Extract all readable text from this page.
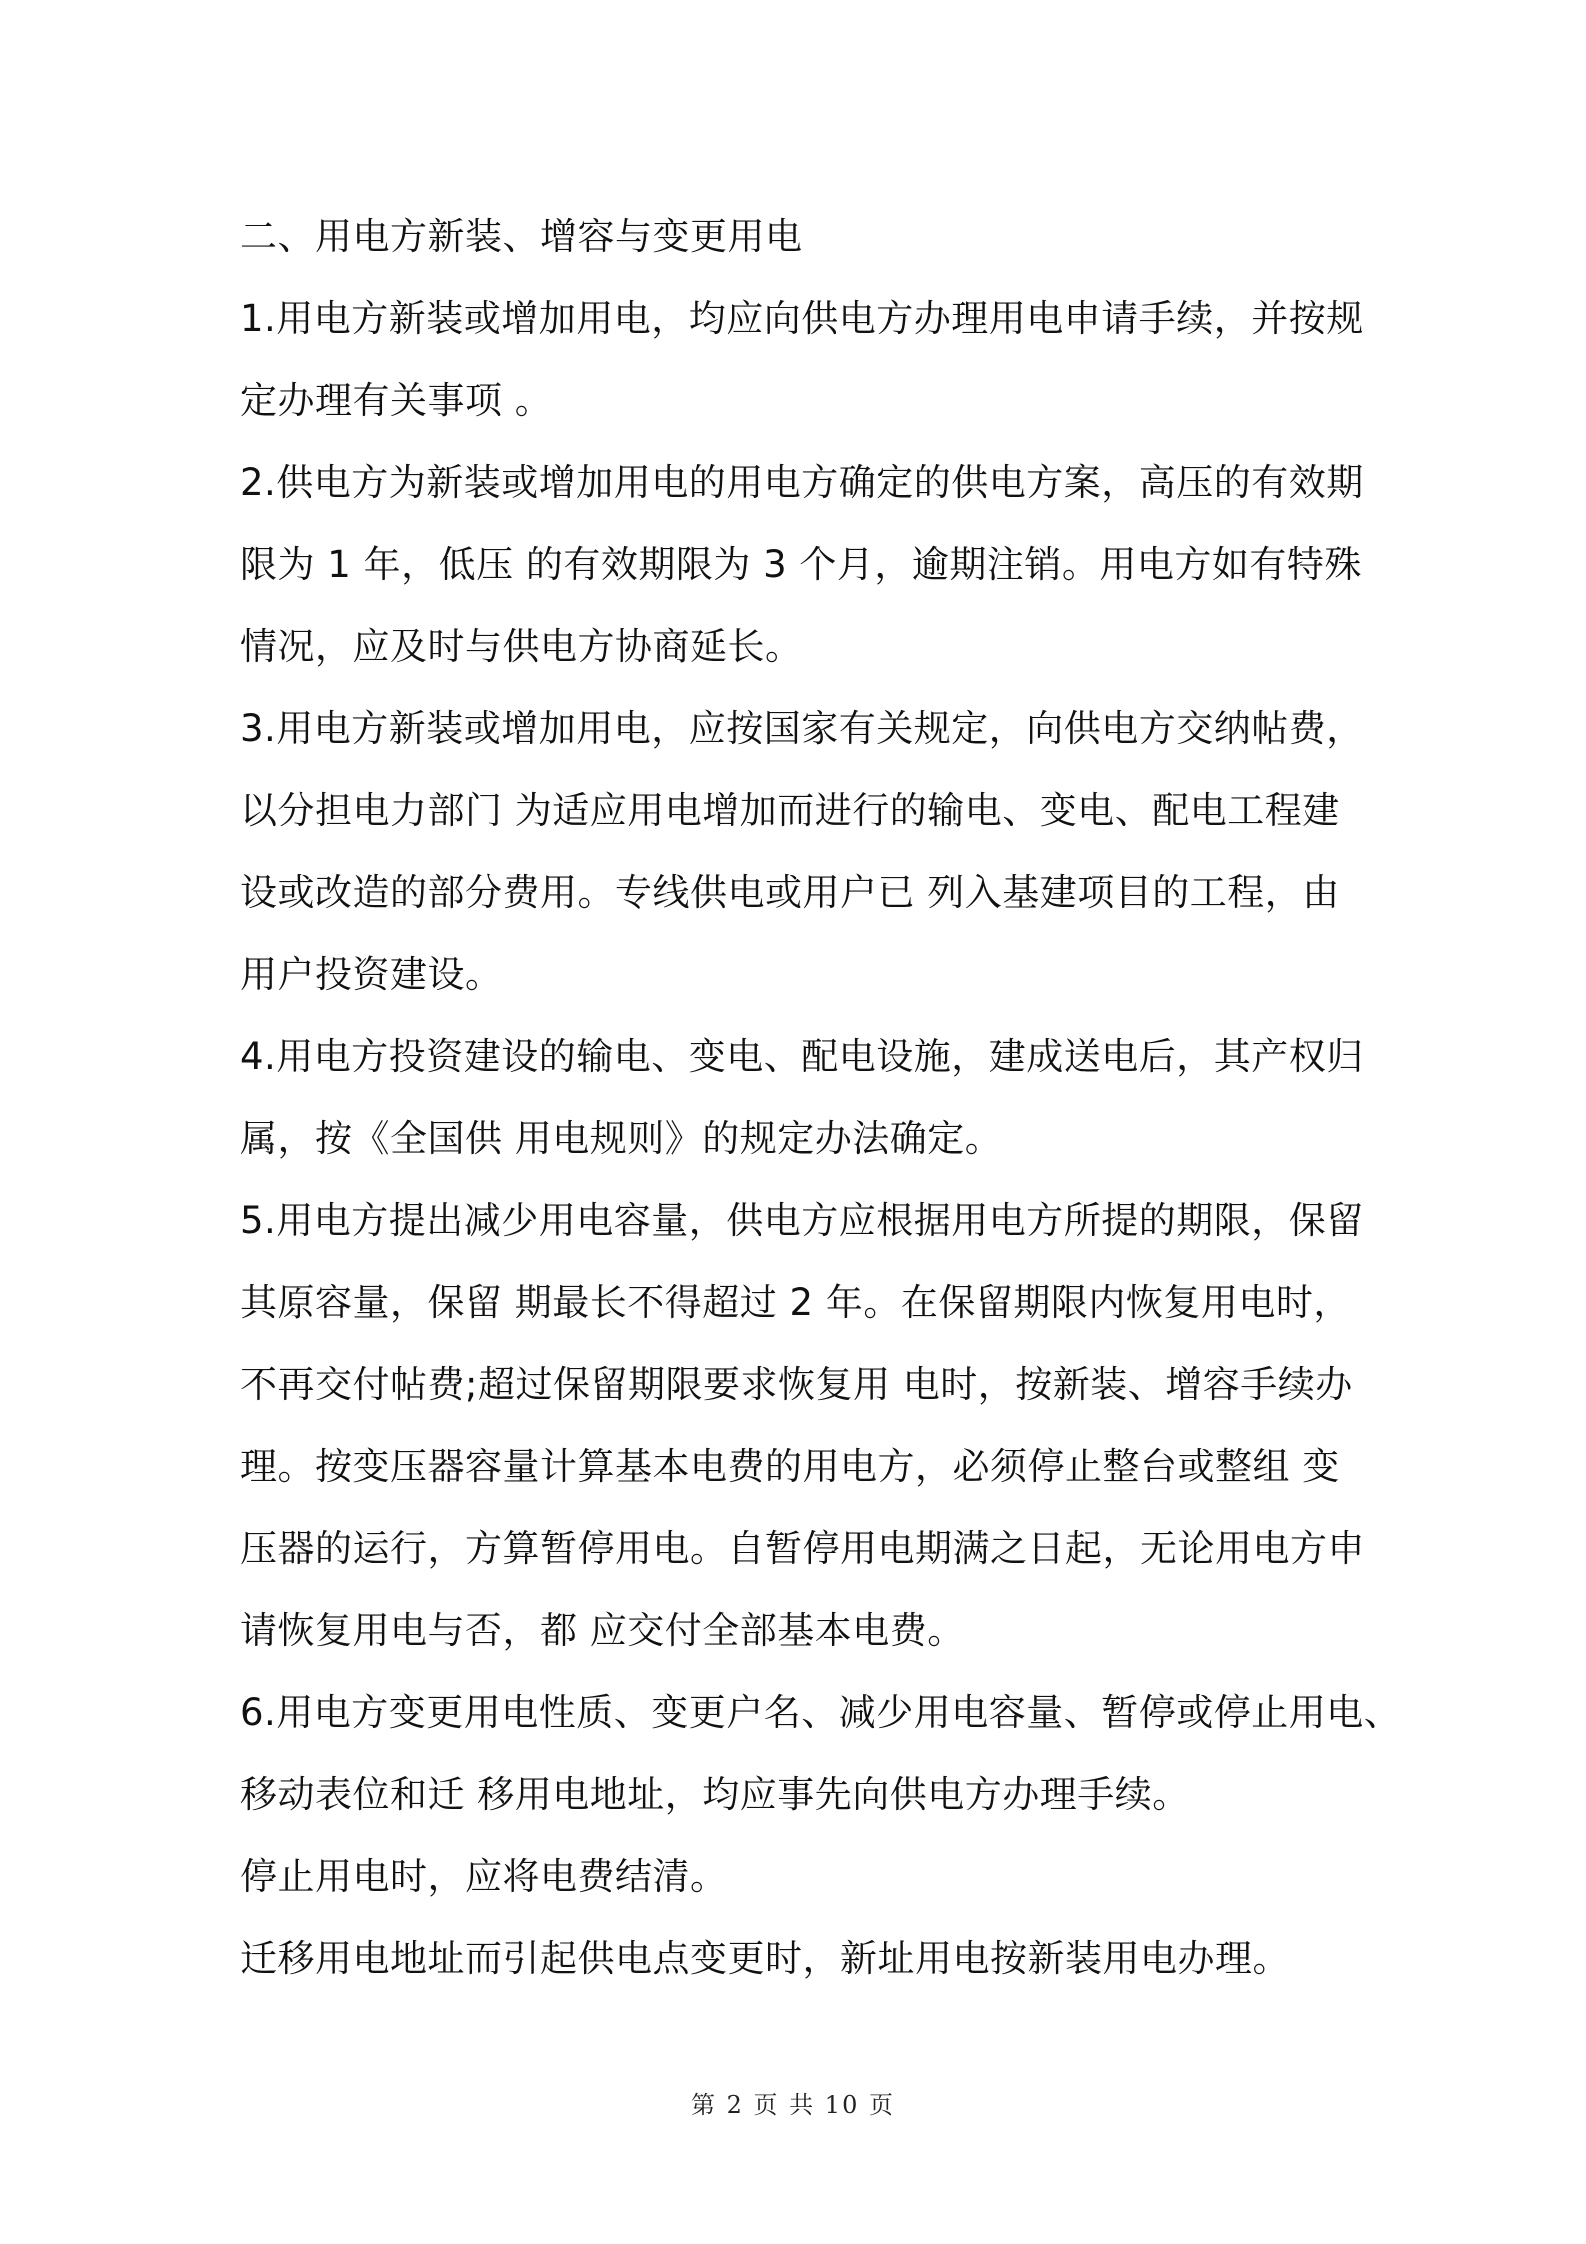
二、用电方新装、增容与变更用电
1.用电方新装或增加用电，均应向供电方办理用电申请手续，并按规
定办理有关事项 。
2.供电方为新装或增加用电的用电方确定的供电方案，高压的有效期
限为 1 年，低压 的有效期限为 3 个月，逾期注销。用电方如有特殊
情况，应及时与供电方协商延长。
3.用电方新装或增加用电，应按国家有关规定，向供电方交纳帖费，
以分担电力部门 为适应用电增加而进行的输电、变电、配电工程建
设或改造的部分费用。专线供电或用户已 列入基建项目的工程，由
用户投资建设。
4.用电方投资建设的输电、变电、配电设施，建成送电后，其产权归
属，按《全国供 用电规则》的规定办法确定。
5.用电方提出减少用电容量，供电方应根据用电方所提的期限，保留
其原容量，保留 期最长不得超过 2 年。在保留期限内恢复用电时，
不再交付帖费;超过保留期限要求恢复用 电时，按新装、增容手续办
理。按变压器容量计算基本电费的用电方，必须停止整台或整组 变
压器的运行，方算暂停用电。自暂停用电期满之日起，无论用电方申
请恢复用电与否，都 应交付全部基本电费。
6.用电方变更用电性质、变更户名、减少用电容量、暂停或停止用电、
移动表位和迁 移用电地址，均应事先向供电方办理手续。
停止用电时，应将电费结清。
迁移用电地址而引起供电点变更时，新址用电按新装用电办理。
第 2 页 共 10 页
